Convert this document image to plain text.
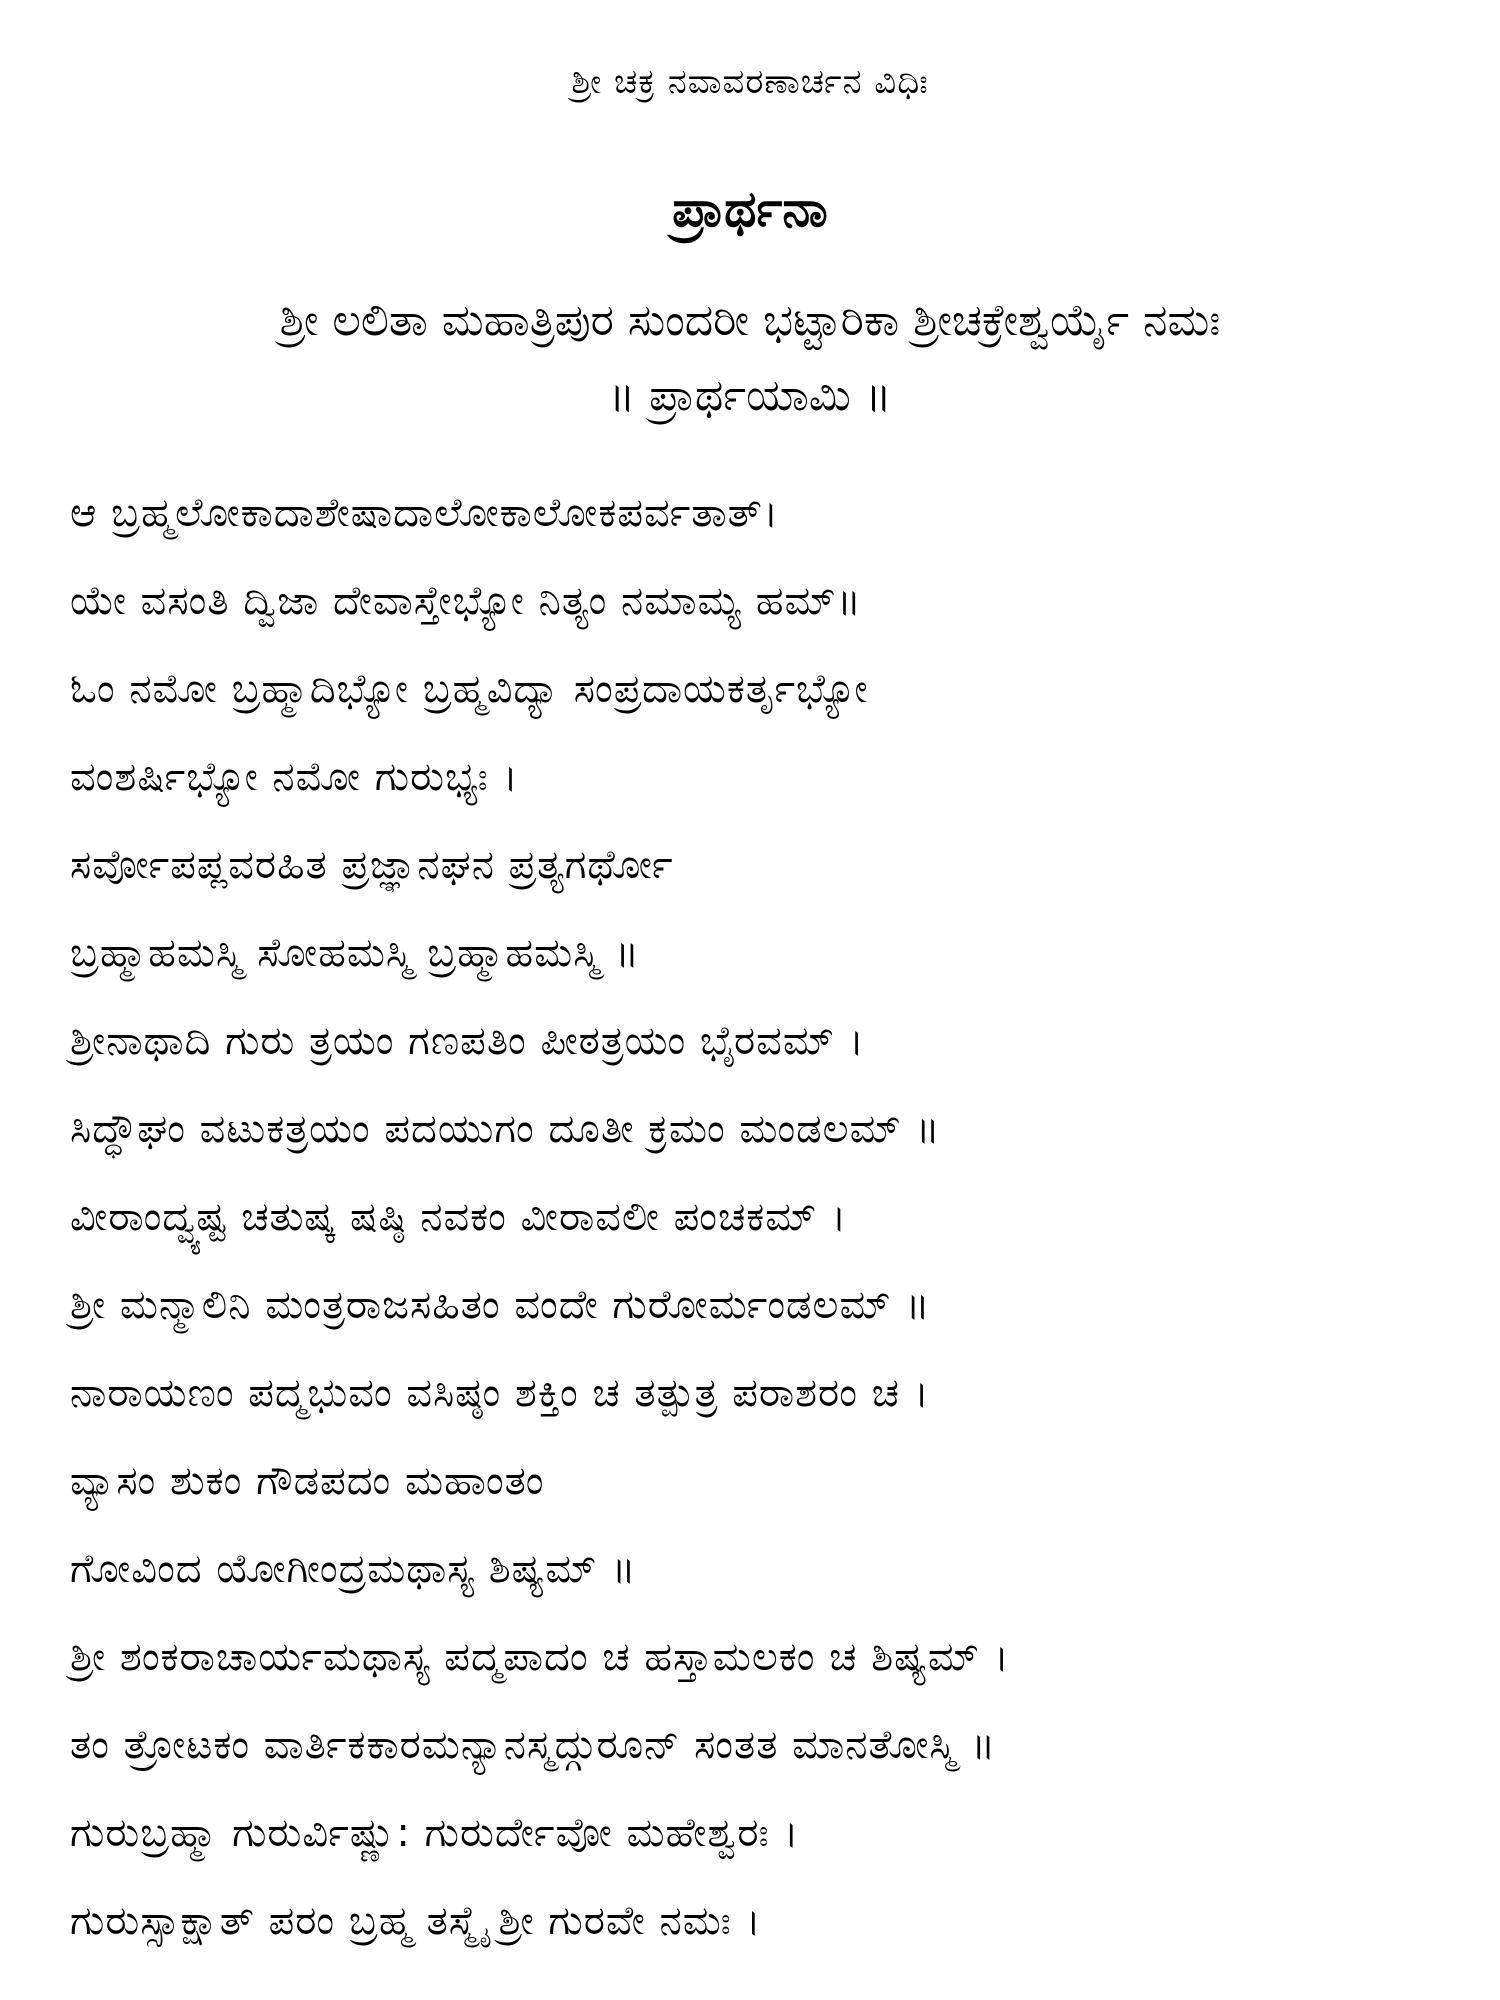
ಶ್ರೀ ಚಕ್ರ ನವಾವರಣಾರ್ಚನ ವಿಧಿಃ
ಪ್ರಾರ್ಥನಾ
ಶ್ರೀ ಲಲಿತಾ ಮಹಾತ್ರಿಪುರ ಸುಂದರೀ ಭಟ್ಟಾರಿಕಾ ಶ್ರೀಚಕ್ರೇಶ್ವರ್ಯೈ ನಮಃ
॥ ಪ್ರಾರ್ಥಯಾಮಿ ॥
ಆ ಬ್ರಹ್ಮಲೋಕಾದಾಶೇಷಾದಾಲೋಕಾಲೋಕಪರ್ವತಾತ್।
ಯೇ ವಸಂತಿ ದ್ವಿಜಾ ದೇವಾಸ್ತೇಭ್ಯೋ ನಿತ್ಯಂ ನಮಾಮ್ಯ ಹಮ್॥
ಓಂ ನಮೋ ಬ್ರಹ್ಮಾದಿಭ್ಯೋ ಬ್ರಹ್ಮವಿದ್ಯಾ ಸಂಪ್ರದಾಯಕರ್ತೃಭ್ಯೋ
ವಂಶರ್ಷಿಭ್ಯೋ ನಮೋ ಗುರುಭ್ಯಃ ।
ಸರ್ವೋಪಪ್ಲವರಹಿತ ಪ್ರಜ್ಞಾನಘನ ಪ್ರತ್ಯಗರ್ಥೋ
ಬ್ರಹ್ಮಾಹಮಸ್ಮಿ ಸೋಹಮಸ್ಮಿ ಬ್ರಹ್ಮಾಹಮಸ್ಮಿ ॥
ಶ್ರೀನಾಥಾದಿ ಗುರು ತ್ರಯಂ ಗಣಪತಿಂ ಪೀಠತ್ರಯಂ ಭೈರವಮ್ ।
ಸಿದ್ಧೌಘಂ ವಟುಕತ್ರಯಂ ಪದಯುಗಂ ದೂತೀ ಕ್ರಮಂ ಮಂಡಲಮ್ ॥
ವೀರಾಂದ್ವ್ಯಷ್ಟ ಚತುಷ್ಕ ಷಷ್ಠಿ ನವಕಂ ವೀರಾವಲೀ ಪಂಚಕಮ್ ।
ಶ್ರೀ ಮನ್ಮಾಲಿನಿ ಮಂತ್ರರಾಜಸಹಿತಂ ವಂದೇ ಗುರೋರ್ಮಂಡಲಮ್ ॥
ನಾರಾಯಣಂ ಪದ್ಮಭುವಂ ವಸಿಷ್ಠಂ ಶಕ್ತಿಂ ಚ ತತ್ಪುತ್ರ ಪರಾಶರಂ ಚ ।
ವ್ಯಾಸಂ ಶುಕಂ ಗೌಡಪದಂ ಮಹಾಂತಂ
ಗೋವಿಂದ ಯೋಗೀಂದ್ರಮಥಾಸ್ಯ ಶಿಷ್ಯಮ್ ॥
ಶ್ರೀ ಶಂಕರಾಚಾರ್ಯಮಥಾಸ್ಯ ಪದ್ಮಪಾದಂ ಚ ಹಸ್ತಾಮಲಕಂ ಚ ಶಿಷ್ಯಮ್ ।
ತಂ ತ್ರೋಟಕಂ ವಾರ್ತಿಕಕಾರಮನ್ಯಾನಸ್ಮದ್ಗುರೂನ್ ಸಂತತ ಮಾನತೋಸ್ಮಿ ॥
ಗುರುಬ್ರಹ್ಮಾ ಗುರುರ್ವಿಷ್ಣು: ಗುರುರ್ದೇವೋ ಮಹೇಶ್ವರಃ ।
ಗುರುಸ್ಸಾಕ್ಷಾತ್ ಪರಂ ಬ್ರಹ್ಮ ತಸ್ಮೈ ಶ್ರೀ ಗುರವೇ ನಮಃ ।
